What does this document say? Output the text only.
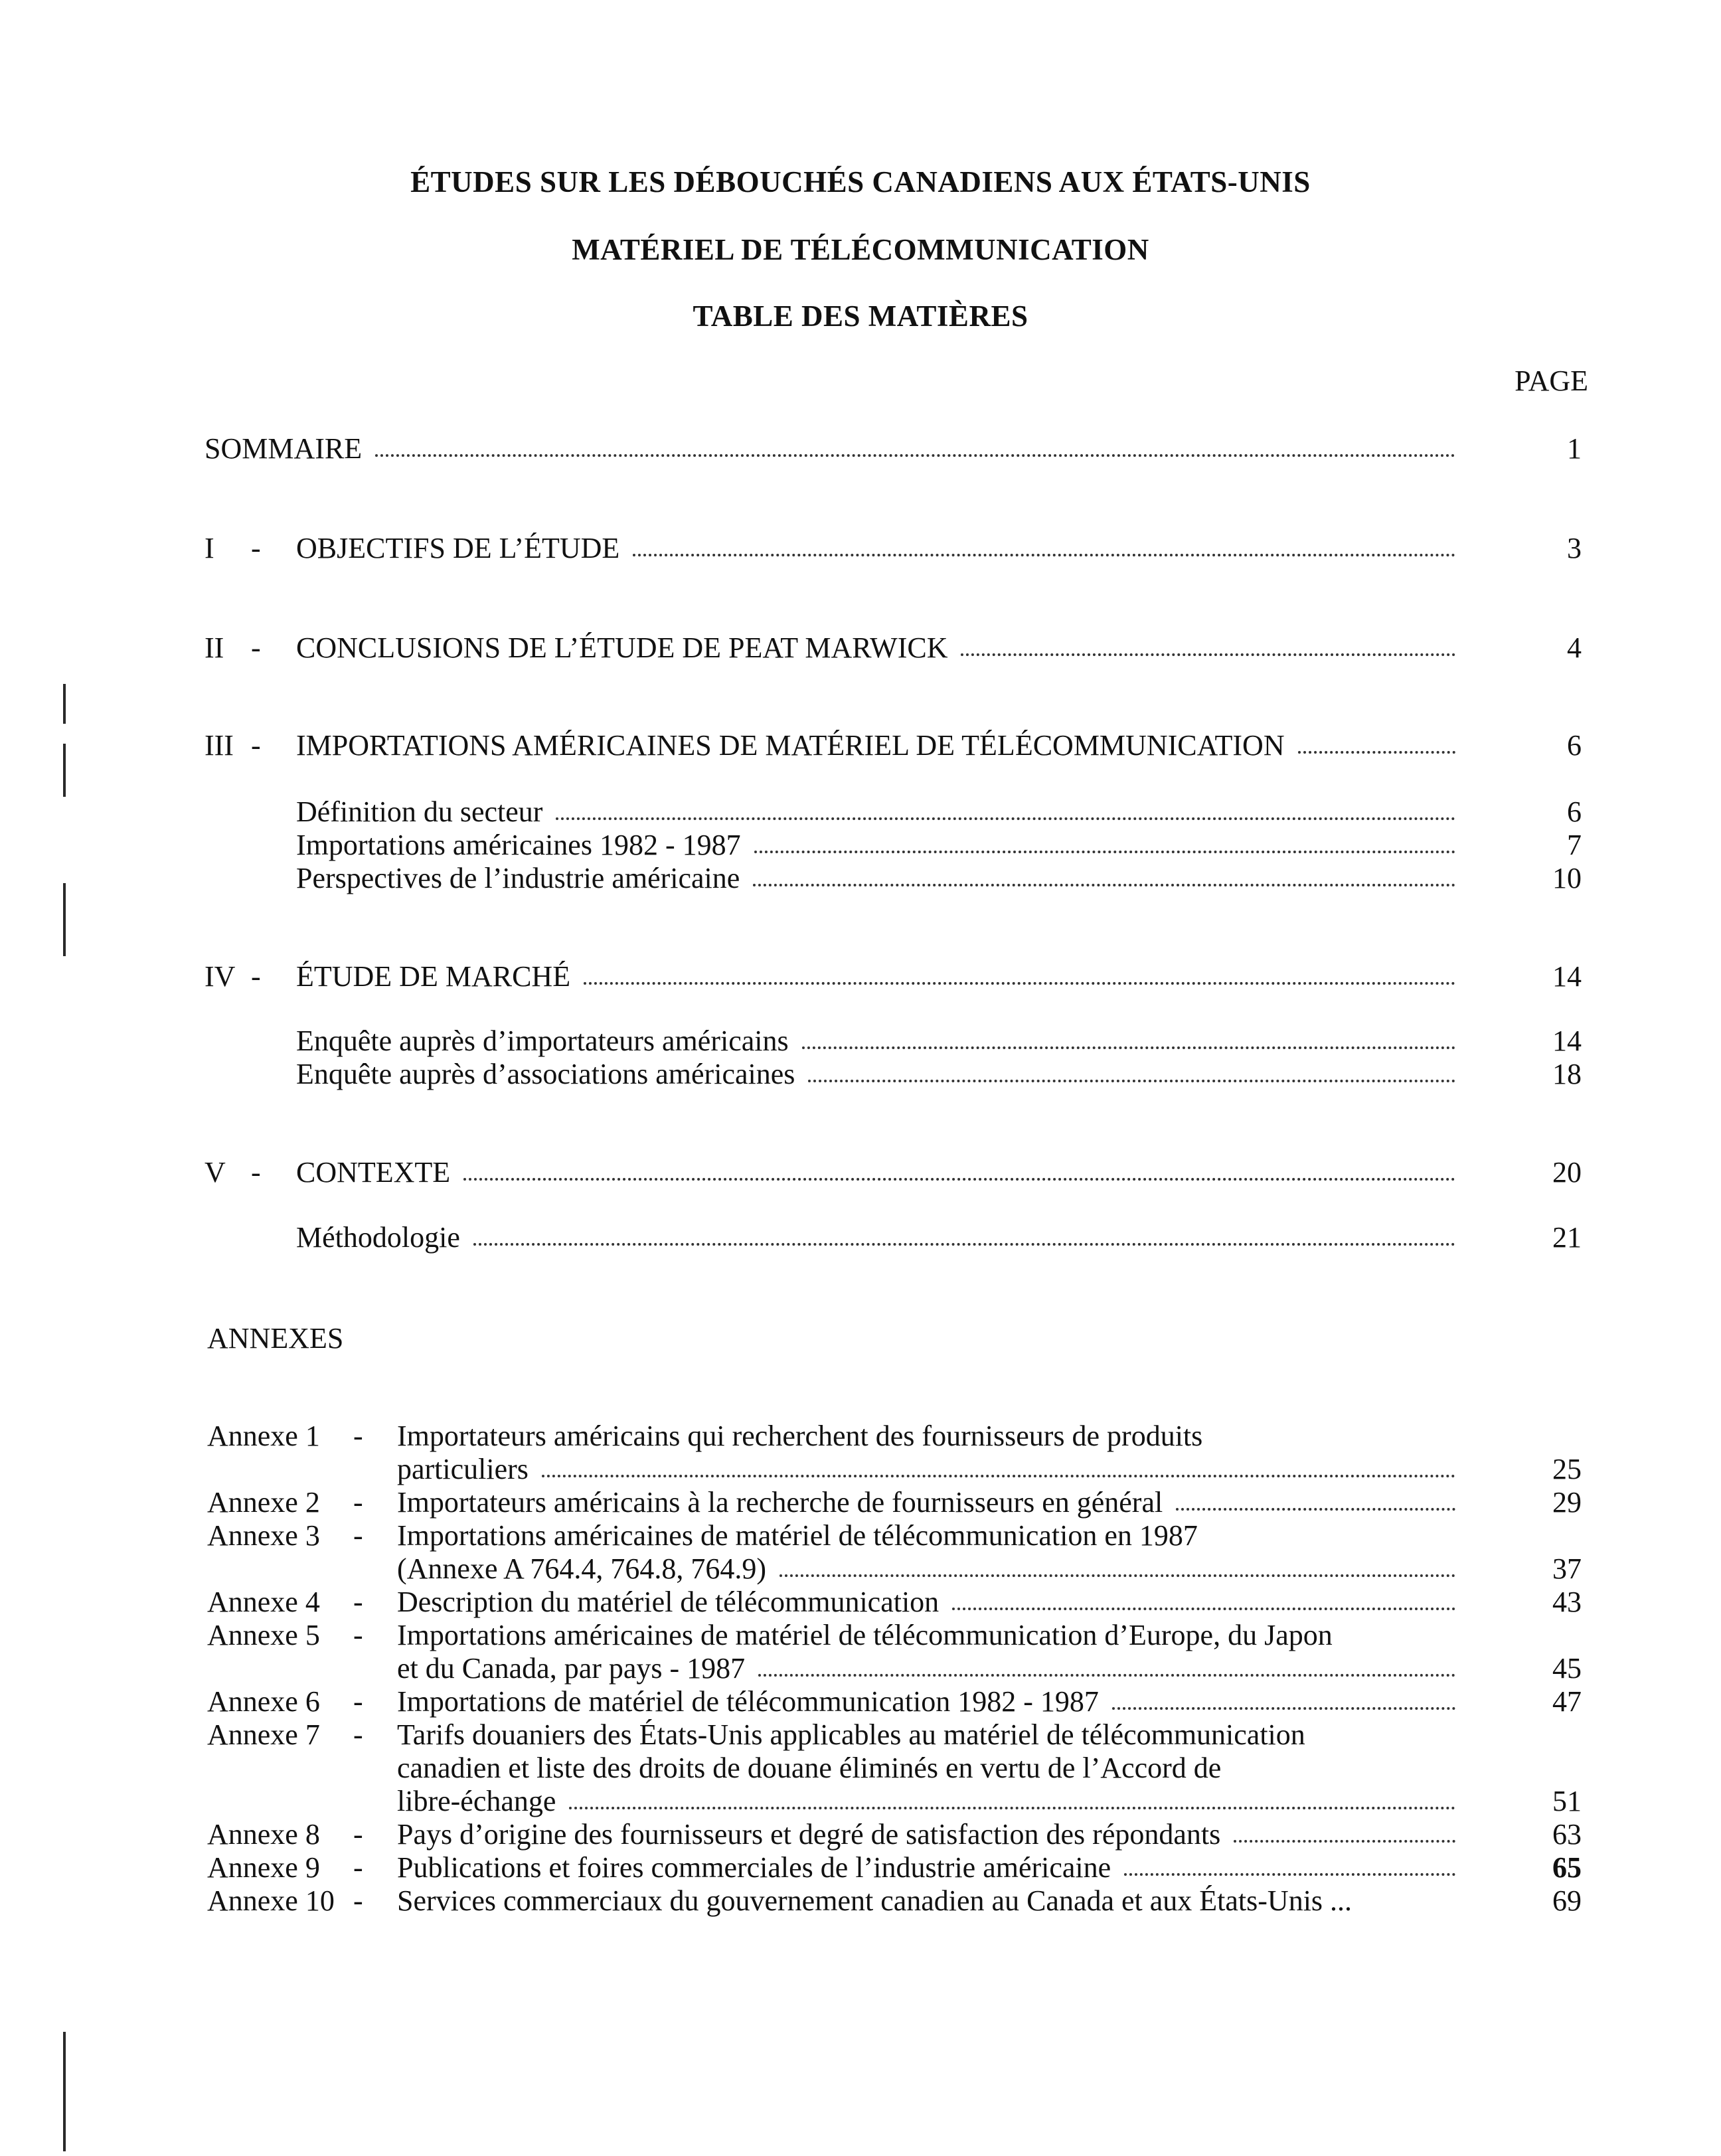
ÉTUDES SUR LES DÉBOUCHÉS CANADIENS AUX ÉTATS-UNIS
MATÉRIEL DE TÉLÉCOMMUNICATION
TABLE DES MATIÈRES
PAGE
SOMMAIRE	1
I - OBJECTIFS DE L’ÉTUDE	3
II - CONCLUSIONS DE L’ÉTUDE DE PEAT MARWICK	4
III - IMPORTATIONS AMÉRICAINES DE MATÉRIEL DE TÉLÉCOMMUNICATION	6
Définition du secteur	6
Importations américaines 1982 - 1987	7
Perspectives de l’industrie américaine	10
IV - ÉTUDE DE MARCHÉ	14
Enquête auprès d’importateurs américains	14
Enquête auprès d’associations américaines	18
V - CONTEXTE	20
Méthodologie	21
ANNEXES
Annexe 1 - Importateurs américains qui recherchent des fournisseurs de produits
particuliers	25
Annexe 2 - Importateurs américains à la recherche de fournisseurs en général	29
Annexe 3 - Importations américaines de matériel de télécommunication en 1987
(Annexe A 764.4, 764.8, 764.9)	37
Annexe 4 - Description du matériel de télécommunication	43
Annexe 5 - Importations américaines de matériel de télécommunication d’Europe, du Japon
et du Canada, par pays - 1987	45
Annexe 6 - Importations de matériel de télécommunication 1982 - 1987	47
Annexe 7 - Tarifs douaniers des États-Unis applicables au matériel de télécommunication
canadien et liste des droits de douane éliminés en vertu de l’Accord de
libre-échange	51
Annexe 8 - Pays d’origine des fournisseurs et degré de satisfaction des répondants	63
Annexe 9 - Publications et foires commerciales de l’industrie américaine	65
Annexe 10 - Services commerciaux du gouvernement canadien au Canada et aux États-Unis ...	69
